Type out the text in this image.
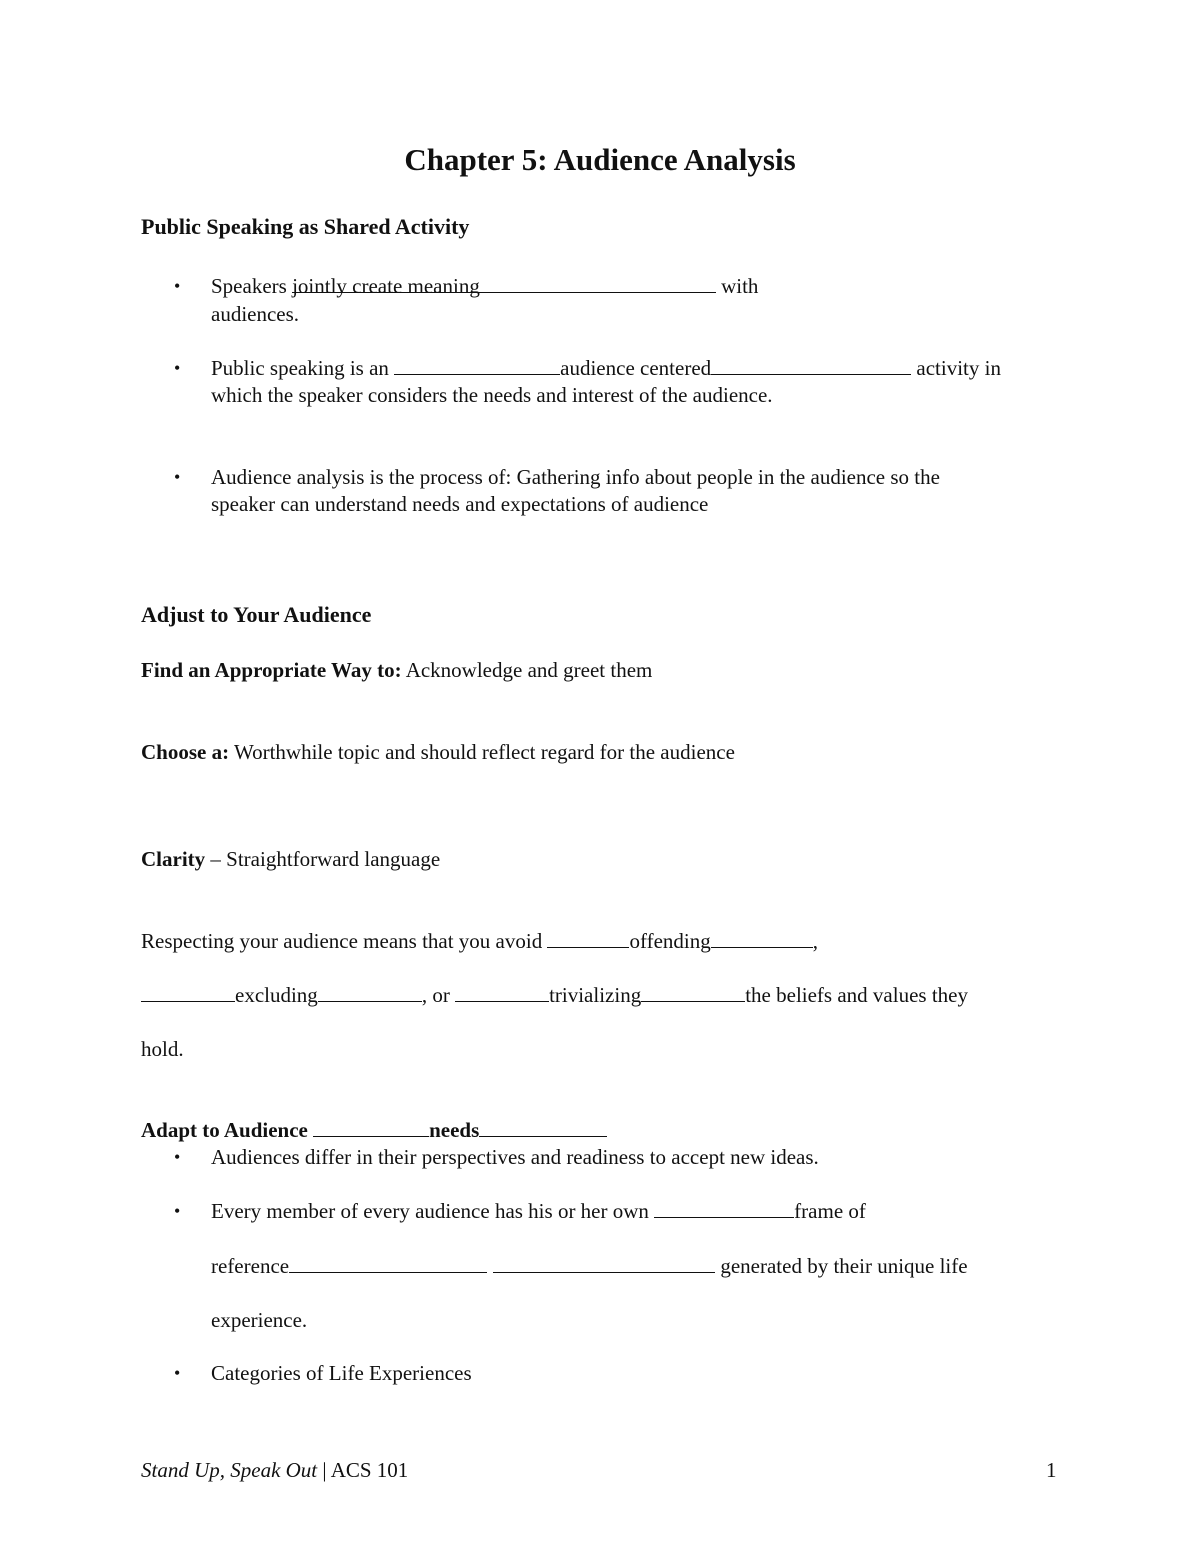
Chapter 5: Audience Analysis
Public Speaking as Shared Activity
• Speakers jointly create meaning	with

audiences.

• Public speaking is an	audience centered	activity in

which the speaker considers the needs and interest of the audience.

• Audience analysis is the process of: Gathering info about people in the audience so the

speaker can understand needs and expectations of audience

Adjust to Your Audience

Find an Appropriate Way to: Acknowledge and greet them

Choose a: Worthwhile topic and should reflect regard for the audience

Clarity – Straightforward language

Respecting your audience means that you avoid	offending	,

excluding	, or	trivializing	the beliefs and values they

hold.

Adapt to Audience	needs

• Audiences differ in their perspectives and readiness to accept new ideas.

• Every member of every audience has his or her own	frame of

reference	generated by their unique life

experience.

• Categories of Life Experiences

Stand Up, Speak Out | ACS 101	1
